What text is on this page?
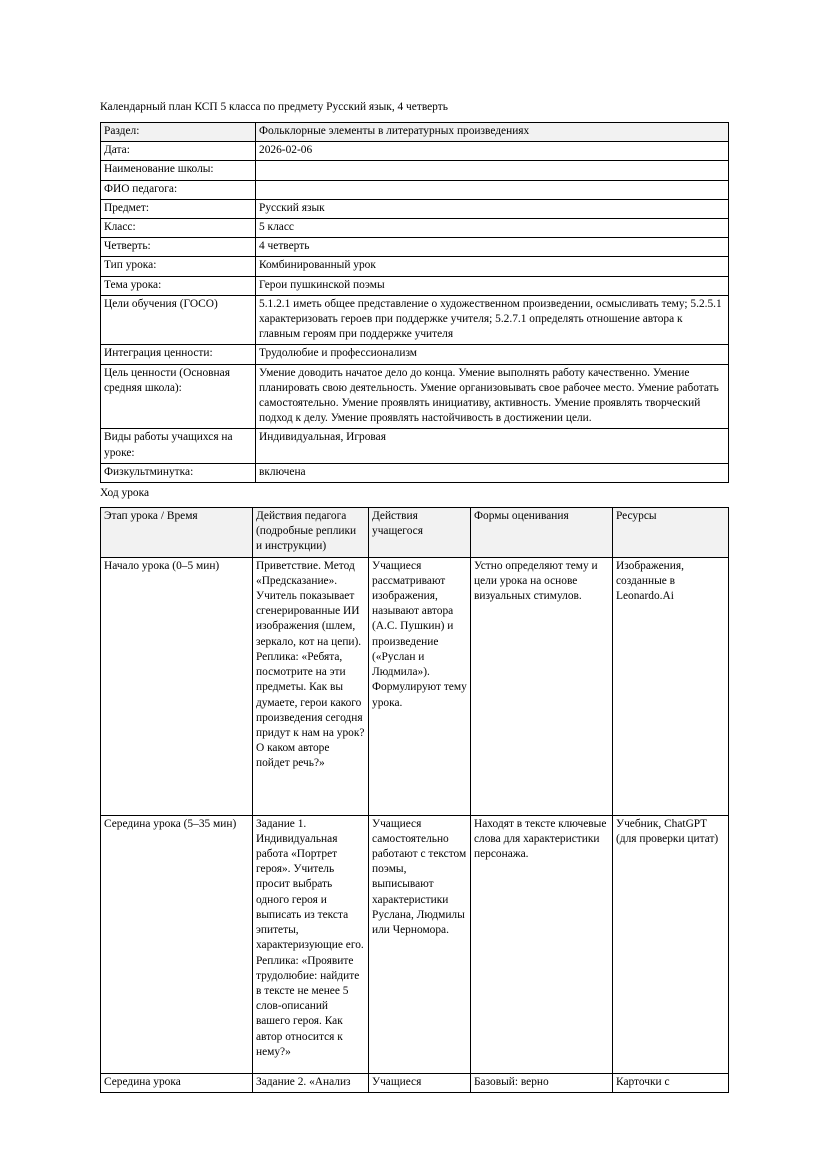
Календарный план КСП 5 класса по предмету Русский язык, 4 четверть
Раздел:	Фольклорные элементы в литературных произведениях
Дата:	2026-02-06
Наименование школы:	
ФИО педагога:	
Предмет:	Русский язык
Класс:	5 класс
Четверть:	4 четверть
Тип урока:	Комбинированный урок
Тема урока:	Герои пушкинской поэмы
Цели обучения (ГОСО)	5.1.2.1 иметь общее представление о художественном произведении, осмысливать тему; 5.2.5.1 характеризовать героев при поддержке учителя; 5.2.7.1 определять отношение автора к главным героям при поддержке учителя
Интеграция ценности:	Трудолюбие и профессионализм
Цель ценности (Основная средняя школа):	Умение доводить начатое дело до конца. Умение выполнять работу качественно. Умение планировать свою деятельность. Умение организовывать свое рабочее место. Умение работать самостоятельно. Умение проявлять инициативу, активность. Умение проявлять творческий подход к делу. Умение проявлять настойчивость в достижении цели.
Виды работы учащихся на уроке:	Индивидуальная, Игровая
Физкультминутка:	включена
Ход урока
Этап урока / Время	Действия педагога (подробные реплики и инструкции)	Действия учащегося	Формы оценивания	Ресурсы
Начало урока (0–5 мин)	Приветствие. Метод «Предсказание». Учитель показывает сгенерированные ИИ изображения (шлем, зеркало, кот на цепи). Реплика: «Ребята, посмотрите на эти предметы. Как вы думаете, герои какого произведения сегодня придут к нам на урок? О каком авторе пойдет речь?»	Учащиеся рассматривают изображения, называют автора (А.С. Пушкин) и произведение («Руслан и Людмила»). Формулируют тему урока.	Устно определяют тему и цели урока на основе визуальных стимулов.	Изображения, созданные в Leonardo.Ai
Середина урока (5–35 мин)	Задание 1. Индивидуальная работа «Портрет героя». Учитель просит выбрать одного героя и выписать из текста эпитеты, характеризующие его. Реплика: «Проявите трудолюбие: найдите в тексте не менее 5 слов-описаний вашего героя. Как автор относится к нему?»	Учащиеся самостоятельно работают с текстом поэмы, выписывают характеристики Руслана, Людмилы или Черномора.	Находят в тексте ключевые слова для характеристики персонажа.	Учебник, ChatGPT (для проверки цитат)
Середина урока	Задание 2. «Анализ	Учащиеся	Базовый: верно	Карточки с
